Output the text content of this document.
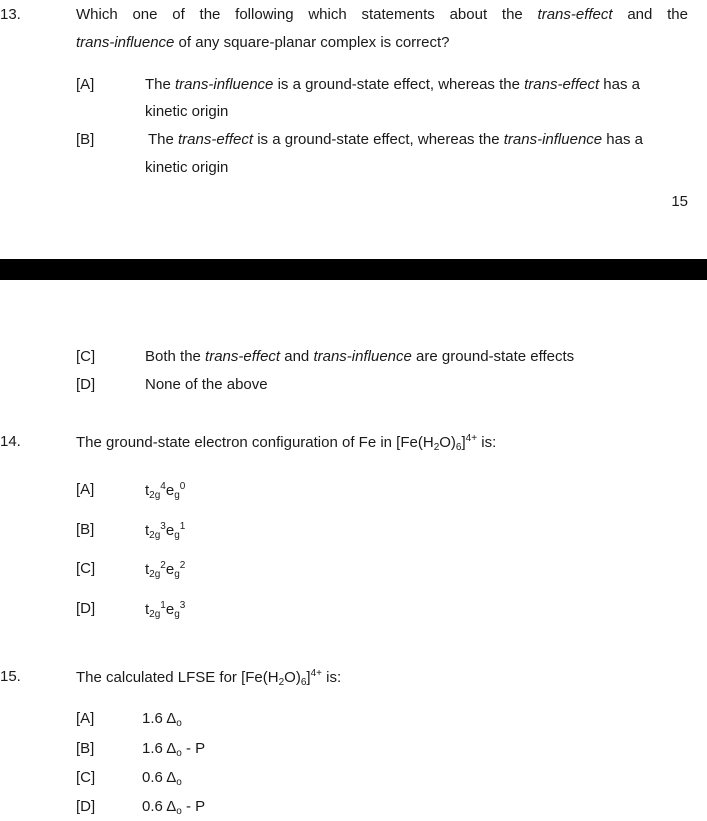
13.	Which one of the following which statements about the trans-effect and the
trans-influence of any square-planar complex is correct?
[A]	The trans-influence is a ground-state effect, whereas the trans-effect has a
kinetic origin
[B]	The trans-effect is a ground-state effect, whereas the trans-influence has a
kinetic origin
15
[C]	Both the trans-effect and trans-influence are ground-state effects
[D]	None of the above
14.	The ground-state electron configuration of Fe in $[Fe(H_2O)_6]^{4+}$ is:
[A]	$t_{2g}^4e_g^0$
[B]	$t_{2g}^3e_g^1$
[C]	$t_{2g}^2e_g^2$
[D]	$t_{2g}^1e_g^3$
15.	The calculated LFSE for $[Fe(H_2O)_6]^{4+}$ is:
[A]	1.6 $\Delta_o$
[B]	1.6 $\Delta_o$ - P
[C]	0.6 $\Delta_o$
[D]	0.6 $\Delta_o$ - P
